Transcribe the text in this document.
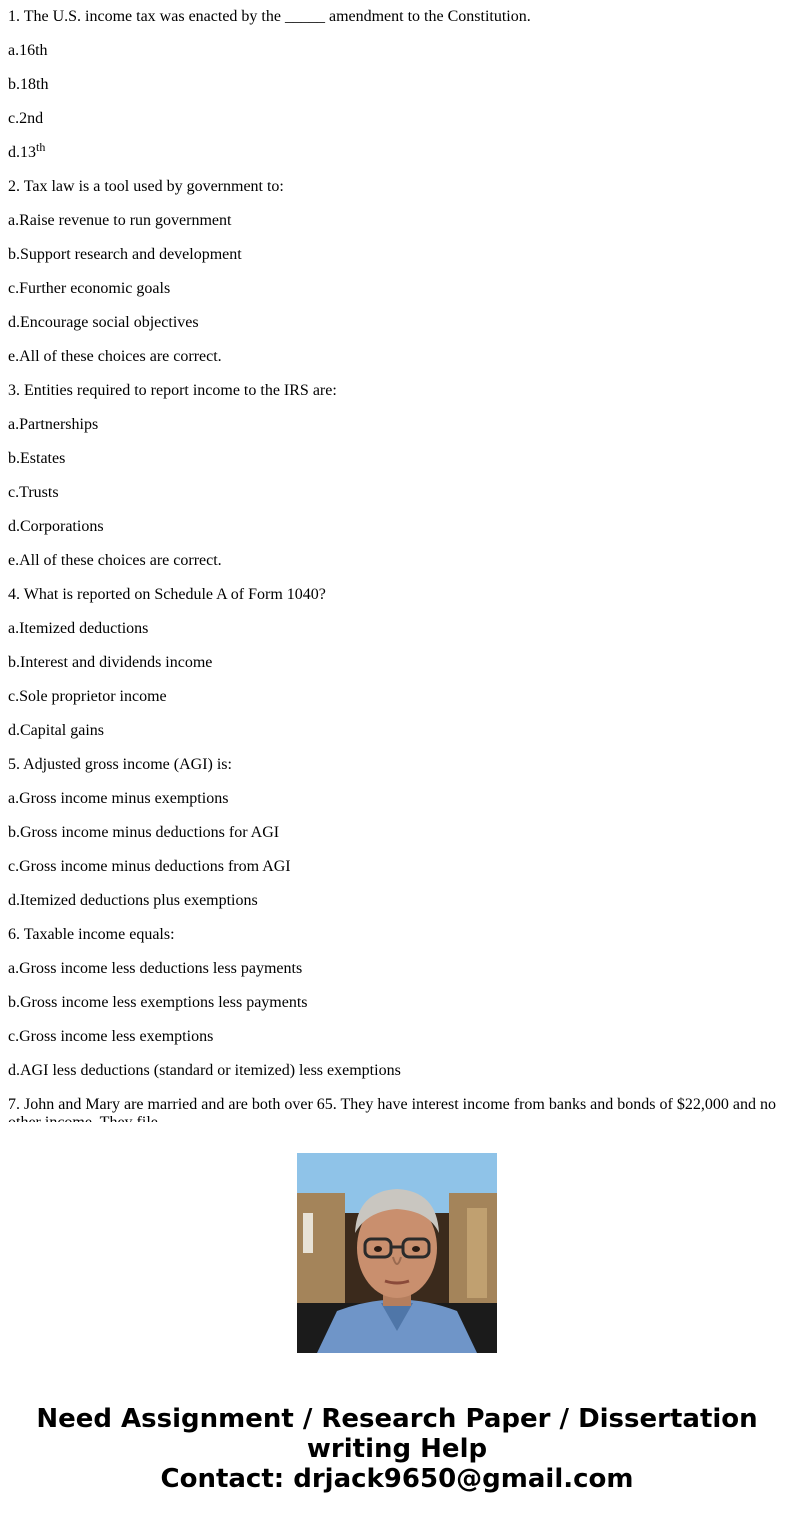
1. The U.S. income tax was enacted by the _____ amendment to the Constitution.
a.16th
b.18th
c.2nd
d.13th
2. Tax law is a tool used by government to:
a.Raise revenue to run government
b.Support research and development
c.Further economic goals
d.Encourage social objectives
e.All of these choices are correct.
3. Entities required to report income to the IRS are:
a.Partnerships
b.Estates
c.Trusts
d.Corporations
e.All of these choices are correct.
4. What is reported on Schedule A of Form 1040?
a.Itemized deductions
b.Interest and dividends income
c.Sole proprietor income
d.Capital gains
5. Adjusted gross income (AGI) is:
a.Gross income minus exemptions
b.Gross income minus deductions for AGI
c.Gross income minus deductions from AGI
d.Itemized deductions plus exemptions
6. Taxable income equals:
a.Gross income less deductions less payments
b.Gross income less exemptions less payments
c.Gross income less exemptions
d.AGI less deductions (standard or itemized) less exemptions
7. John and Mary are married and are both over 65. They have interest income from banks and bonds of $22,000 and no
Need Assignment / Research Paper / Dissertation
writing Help
Contact: drjack9650@gmail.com
